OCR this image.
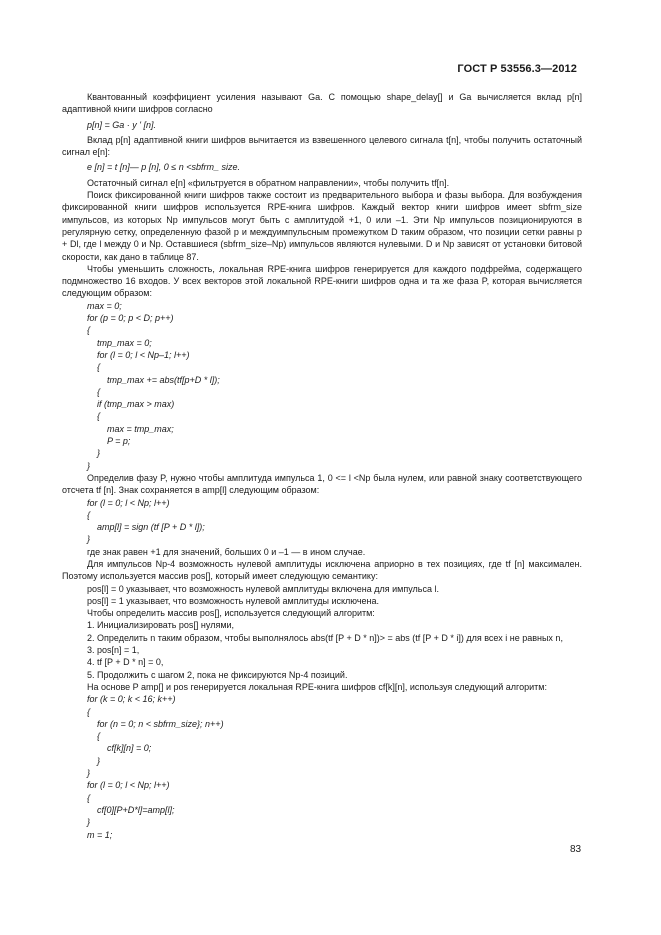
ГОСТ Р 53556.3—2012

Квантованный коэффициент усиления называют Ga. С помощью shape_delay[] и Ga вычисляется вклад p[n] адаптивной книги шифров согласно

p[n] = Ga · y ' [n].

Вклад p[n] адаптивной книги шифров вычитается из взвешенного целевого сигнала t[n], чтобы получить остаточный сигнал e[n]:

e [n] = t [n]— p [n], 0 ≤ n <sbfrm_ size.

Остаточный сигнал e[n] «фильтруется в обратном направлении», чтобы получить tf[n].

Поиск фиксированной книги шифров также состоит из предварительного выбора и фазы выбора. Для возбуждения фиксированной книги шифров используется RPE-книга шифров. Каждый вектор книги шифров имеет sbfrm_size импульсов, из которых Np импульсов могут быть с амплитудой +1, 0 или –1. Эти Np импульсов позиционируются в регулярную сетку, определенную фазой p и междуимпульсным промежутком D таким образом, что позиции сетки равны p + Dl, где l между 0 и Np. Оставшиеся (sbfrm_size–Np) импульсов являются нулевыми. D и Np зависят от установки битовой скорости, как дано в таблице 87.

Чтобы уменьшить сложность, локальная RPE-книга шифров генерируется для каждого подфрейма, содержащего подмножество 16 входов. У всех векторов этой локальной RPE-книги шифров одна и та же фаза P, которая вычисляется следующим образом:

max = 0;

for (p = 0; p < D; p++)

{

tmp_max = 0;

for (l = 0; l < Np–1; l++)

{

tmp_max += abs(tf[p+D * l]);

{

if (tmp_max > max)

{

max = tmp_max;

P = p;

}

}

Определив фазу P, нужно чтобы амплитуда импульса 1, 0 <= l <Np была нулем, или равной знаку соответствующего отсчета tf [n]. Знак сохраняется в amp[l] следующим образом:

for (l = 0; l < Np; l++)

{

amp[l] = sign (tf [P + D * l]);

}

где знак равен +1 для значений, больших 0 и –1 — в ином случае.

Для импульсов Np-4 возможность нулевой амплитуды исключена априорно в тех позициях, где tf [n] максимален. Поэтому используется массив pos[], который имеет следующую семантику:

pos[l] = 0 указывает, что возможность нулевой амплитуды включена для импульса l.

pos[l] = 1 указывает, что возможность нулевой амплитуды исключена.

Чтобы определить массив pos[], используется следующий алгоритм:

1. Инициализировать pos[] нулями,

2. Определить n таким образом, чтобы выполнялось abs(tf [P + D * n])> = abs (tf [P + D * i]) для всех i не равных n,

3. pos[n] = 1,

4. tf [P + D * n] = 0,

5. Продолжить с шагом 2, пока не фиксируются Np-4 позиций.

На основе P amp[] и pos генерируется локальная RPE-книга шифров cf[k][n], используя следующий алгоритм:

for (k = 0; k < 16; k++)

{

for (n = 0; n < sbfrm_size}; n++)

{

cf[k][n] = 0;

}

}

for (l = 0; l < Np; l++)

{

cf[0][P+D*l]=amp[l];

}

m = 1;

83
